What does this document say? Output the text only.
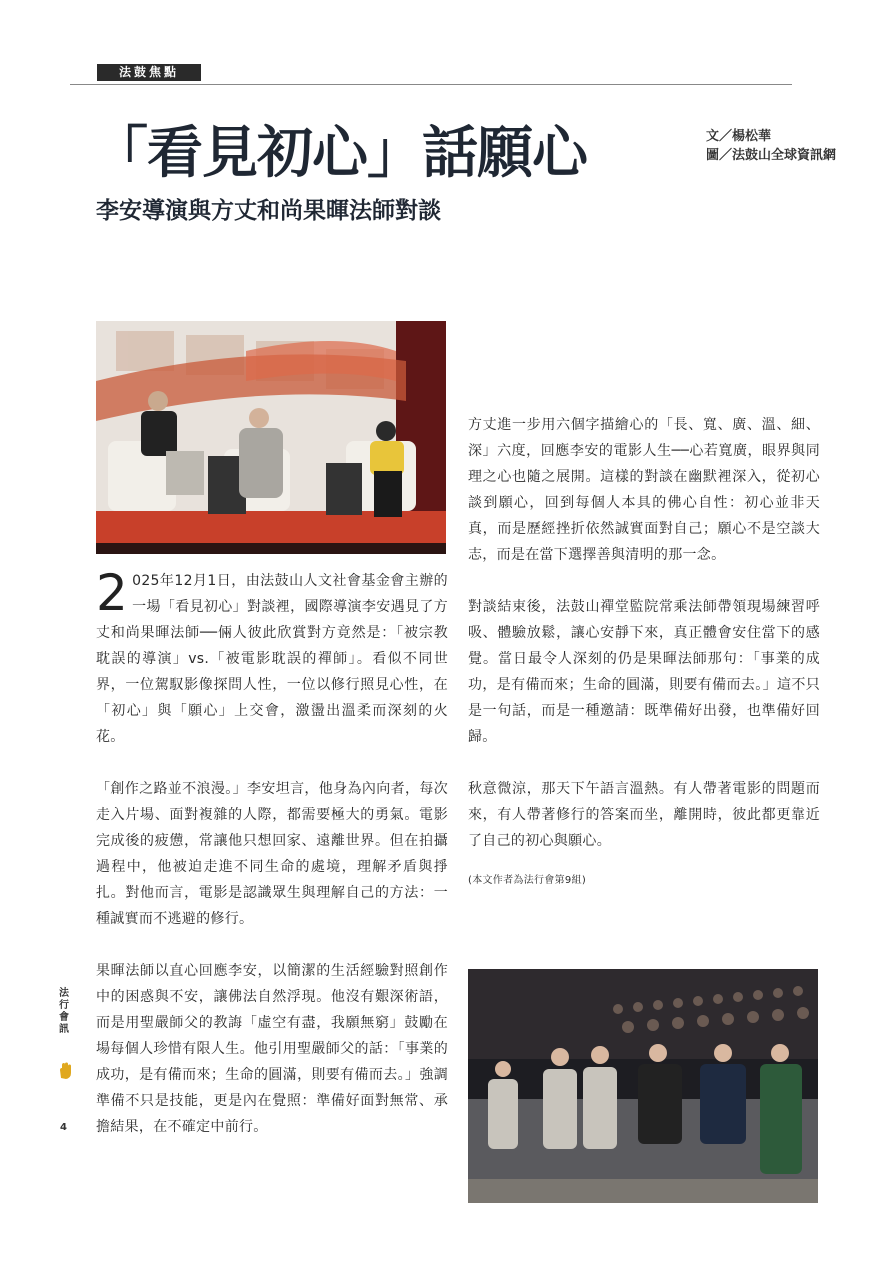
法鼓焦點
「看見初心」話願心
李安導演與方丈和尚果暉法師對談
文／楊松華
圖／法鼓山全球資訊網

2 025年12月1日，由法鼓山人文社會基金會主辦的一場「看見初心」對談裡，國際導演李安遇見了方丈和尚果暉法師──倆人彼此欣賞對方竟然是：「被宗教耽誤的導演」vs.「被電影耽誤的禪師」。看似不同世界，一位駕馭影像探問人性，一位以修行照見心性，在「初心」與「願心」上交會，激盪出溫柔而深刻的火花。

「創作之路並不浪漫。」李安坦言，他身為內向者，每次走入片場、面對複雜的人際，都需要極大的勇氣。電影完成後的疲憊，常讓他只想回家、遠離世界。但在拍攝過程中，他被迫走進不同生命的處境，理解矛盾與掙扎。對他而言，電影是認識眾生與理解自己的方法：一種誠實而不逃避的修行。

果暉法師以直心回應李安，以簡潔的生活經驗對照創作中的困惑與不安，讓佛法自然浮現。他沒有艱深術語，而是用聖嚴師父的教誨「虛空有盡，我願無窮」鼓勵在場每個人珍惜有限人生。他引用聖嚴師父的話：「事業的成功，是有備而來；生命的圓滿，則要有備而去。」強調準備不只是技能，更是內在覺照：準備好面對無常、承擔結果，在不確定中前行。

方丈進一步用六個字描繪心的「長、寬、廣、溫、細、深」六度，回應李安的電影人生──心若寬廣，眼界與同理之心也隨之展開。這樣的對談在幽默裡深入，從初心談到願心，回到每個人本具的佛心自性：初心並非天真，而是歷經挫折依然誠實面對自己；願心不是空談大志，而是在當下選擇善與清明的那一念。

對談結束後，法鼓山禪堂監院常乘法師帶領現場練習呼吸、體驗放鬆，讓心安靜下來，真正體會安住當下的感覺。當日最令人深刻的仍是果暉法師那句：「事業的成功，是有備而來；生命的圓滿，則要有備而去。」這不只是一句話，而是一種邀請：既準備好出發，也準備好回歸。

秋意微涼，那天下午語言溫熱。有人帶著電影的問題而來，有人帶著修行的答案而坐，離開時，彼此都更靠近了自己的初心與願心。

(本文作者為法行會第9組)

法行會訊
4
